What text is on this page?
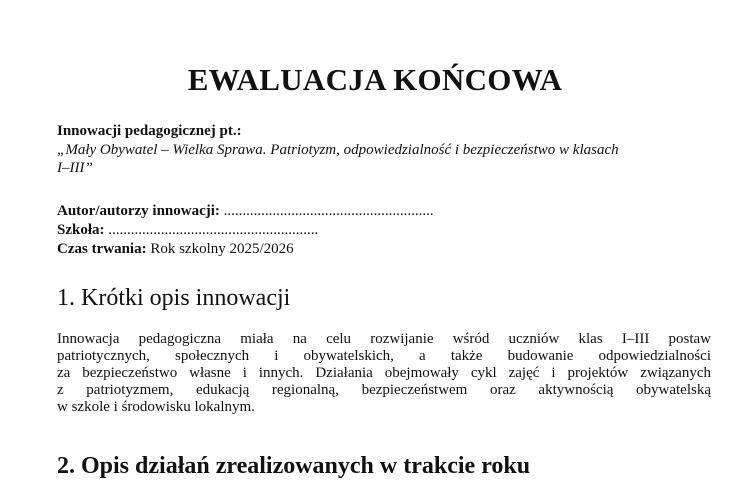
EWALUACJA KOŃCOWA
Innowacji pedagogicznej pt.:
„Mały Obywatel – Wielka Sprawa. Patriotyzm, odpowiedzialność i bezpieczeństwo w klasach
I–III”
Autor/autorzy innowacji: ........................................................
Szkoła: ........................................................
Czas trwania: Rok szkolny 2025/2026
1. Krótki opis innowacji
Innowacja pedagogiczna miała na celu rozwijanie wśród uczniów klas I–III postaw
patriotycznych, społecznych i obywatelskich, a także budowanie odpowiedzialności
za bezpieczeństwo własne i innych. Działania obejmowały cykl zajęć i projektów związanych
z patriotyzmem, edukacją regionalną, bezpieczeństwem oraz aktywnością obywatelską
w szkole i środowisku lokalnym.
2. Opis działań zrealizowanych w trakcie roku
